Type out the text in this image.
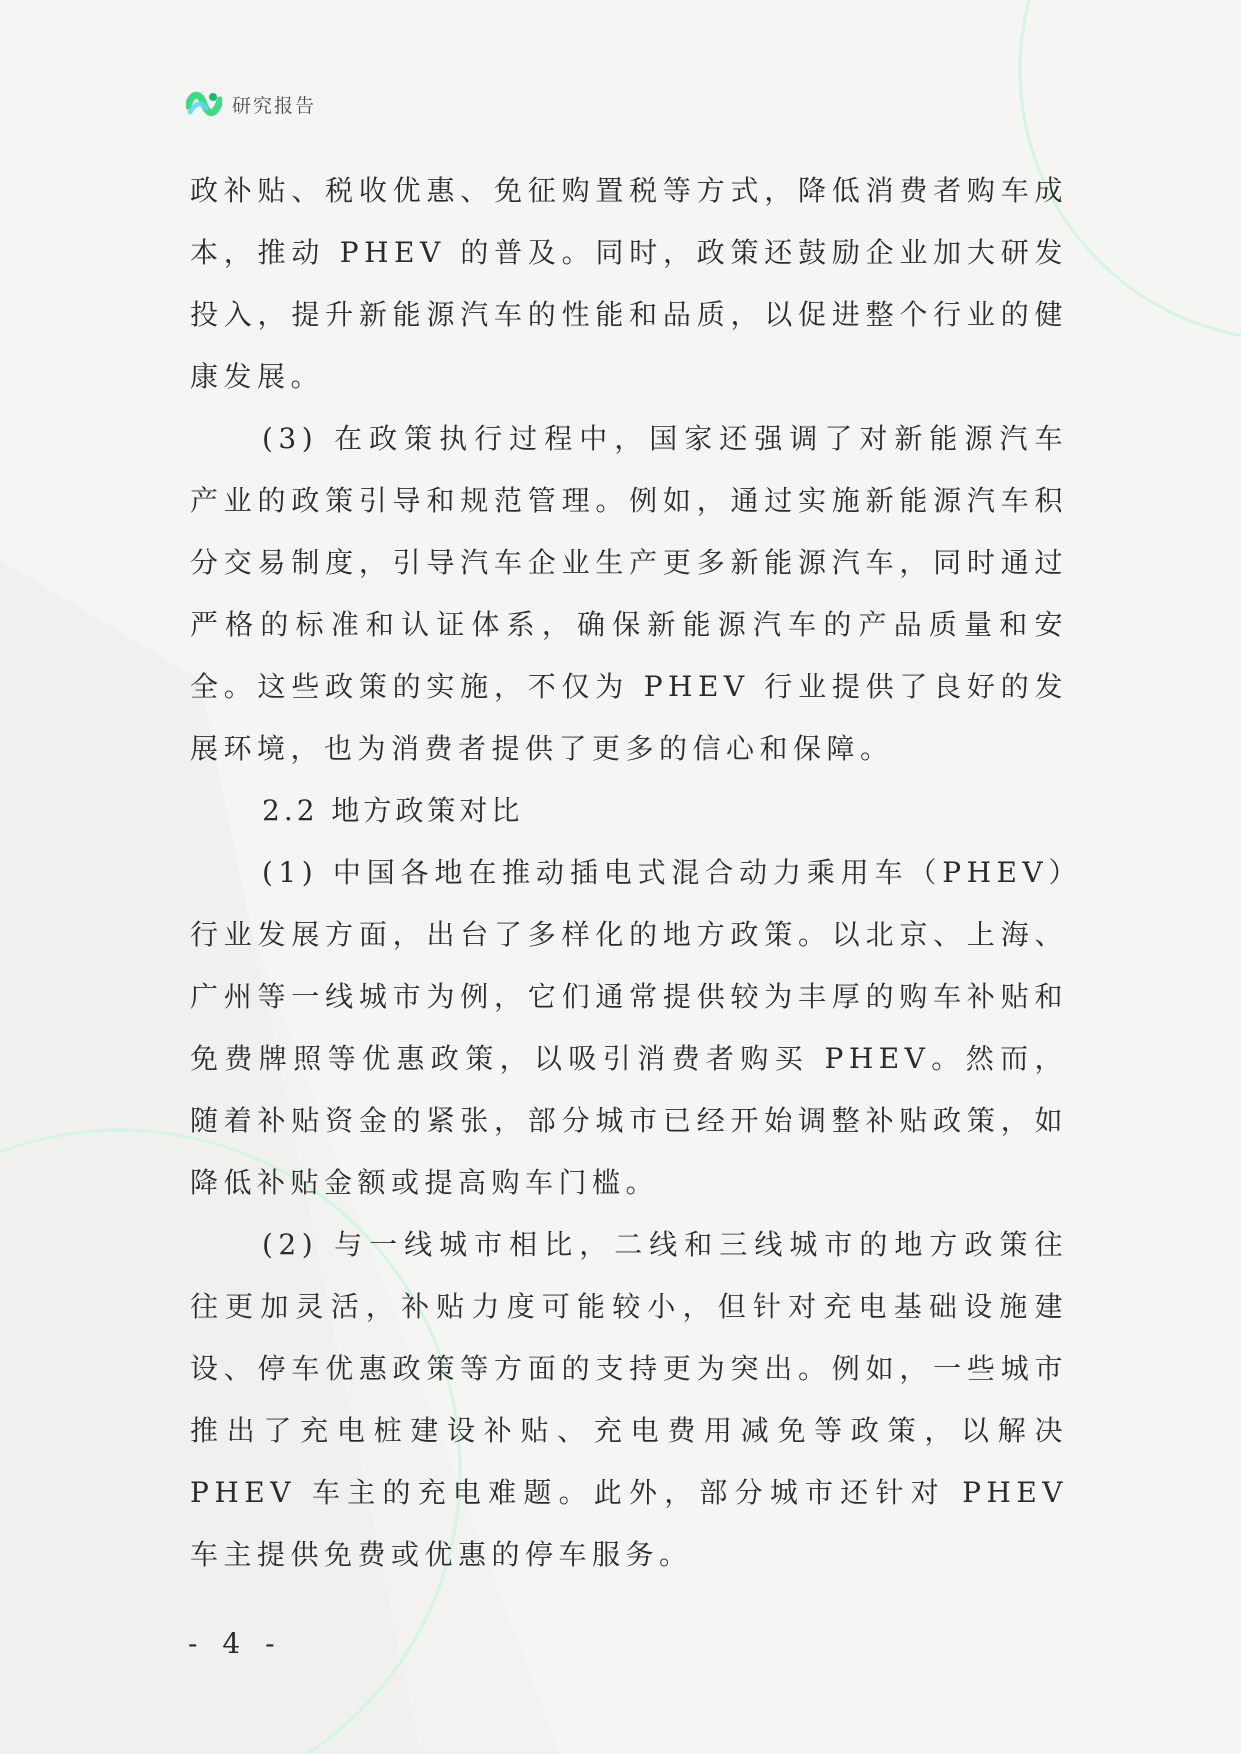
研究报告

政补贴、税收优惠、免征购置税等方式，降低消费者购车成本，推动 PHEV 的普及。同时，政策还鼓励企业加大研发投入，提升新能源汽车的性能和品质，以促进整个行业的健康发展。

(3) 在政策执行过程中，国家还强调了对新能源汽车产业的政策引导和规范管理。例如，通过实施新能源汽车积分交易制度，引导汽车企业生产更多新能源汽车，同时通过严格的标准和认证体系，确保新能源汽车的产品质量和安全。这些政策的实施，不仅为 PHEV 行业提供了良好的发展环境，也为消费者提供了更多的信心和保障。

2.2 地方政策对比

(1) 中国各地在推动插电式混合动力乘用车（PHEV）行业发展方面，出台了多样化的地方政策。以北京、上海、广州等一线城市为例，它们通常提供较为丰厚的购车补贴和免费牌照等优惠政策，以吸引消费者购买 PHEV。然而，随着补贴资金的紧张，部分城市已经开始调整补贴政策，如降低补贴金额或提高购车门槛。

(2) 与一线城市相比，二线和三线城市的地方政策往往更加灵活，补贴力度可能较小，但针对充电基础设施建设、停车优惠政策等方面的支持更为突出。例如，一些城市推出了充电桩建设补贴、充电费用减免等政策，以解决 PHEV 车主的充电难题。此外，部分城市还针对 PHEV 车主提供免费或优惠的停车服务。

- 4 -
